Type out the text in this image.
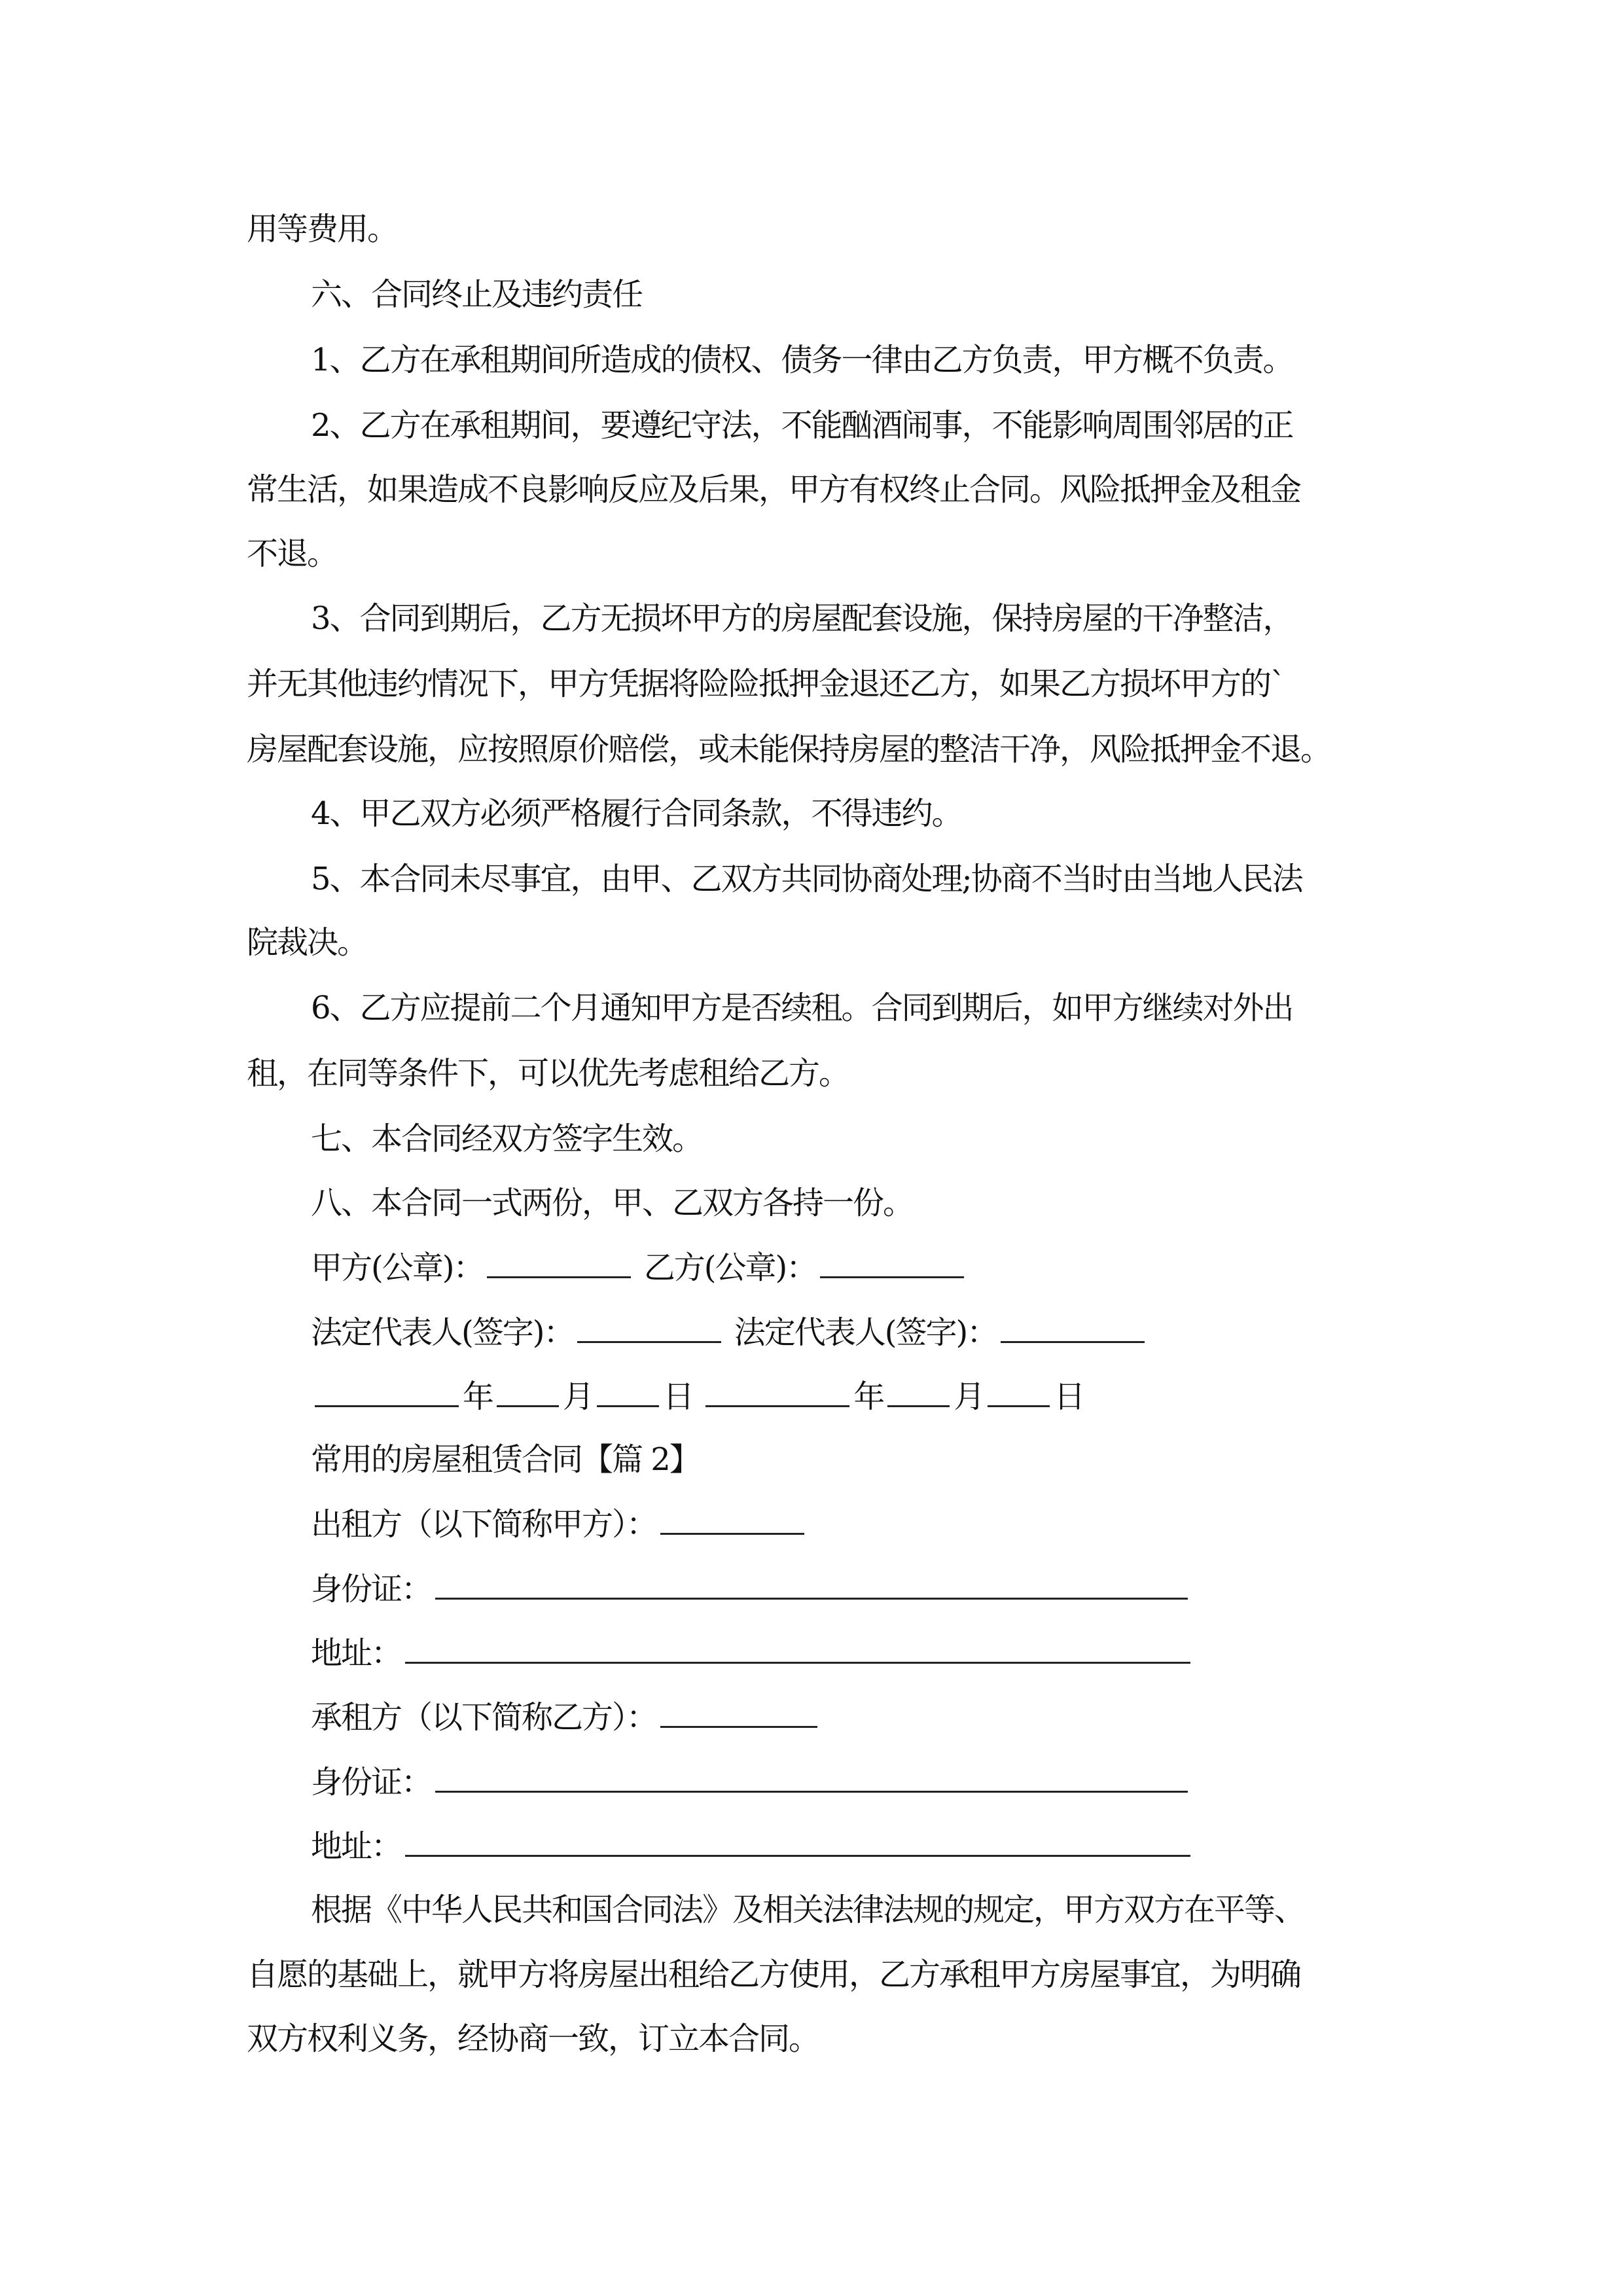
用等费用。
六、合同终止及违约责任
1、乙方在承租期间所造成的债权、债务一律由乙方负责，甲方概不负责。
2、乙方在承租期间，要遵纪守法，不能酗酒闹事，不能影响周围邻居的正
常生活，如果造成不良影响反应及后果，甲方有权终止合同。风险抵押金及租金
不退。
3、合同到期后，乙方无损坏甲方的房屋配套设施，保持房屋的干净整洁，
并无其他违约情况下，甲方凭据将险险抵押金退还乙方，如果乙方损坏甲方的`
房屋配套设施，应按照原价赔偿，或未能保持房屋的整洁干净，风险抵押金不退。
4、甲乙双方必须严格履行合同条款，不得违约。
5、本合同未尽事宜，由甲、乙双方共同协商处理;协商不当时由当地人民法
院裁决。
6、乙方应提前二个月通知甲方是否续租。合同到期后，如甲方继续对外出
租，在同等条件下，可以优先考虑租给乙方。
七、本合同经双方签字生效。
八、本合同一式两份，甲、乙双方各持一份。
甲方(公章)：	乙方(公章)：
法定代表人(签字)：	法定代表人(签字)：
年 月 日	年 月 日
常用的房屋租赁合同【篇 2】
出租方（以下简称甲方）：
身份证：
地址：
承租方（以下简称乙方）：
身份证：
地址：
根据《中华人民共和国合同法》及相关法律法规的规定，甲方双方在平等、
自愿的基础上，就甲方将房屋出租给乙方使用，乙方承租甲方房屋事宜，为明确
双方权利义务，经协商一致，订立本合同。
